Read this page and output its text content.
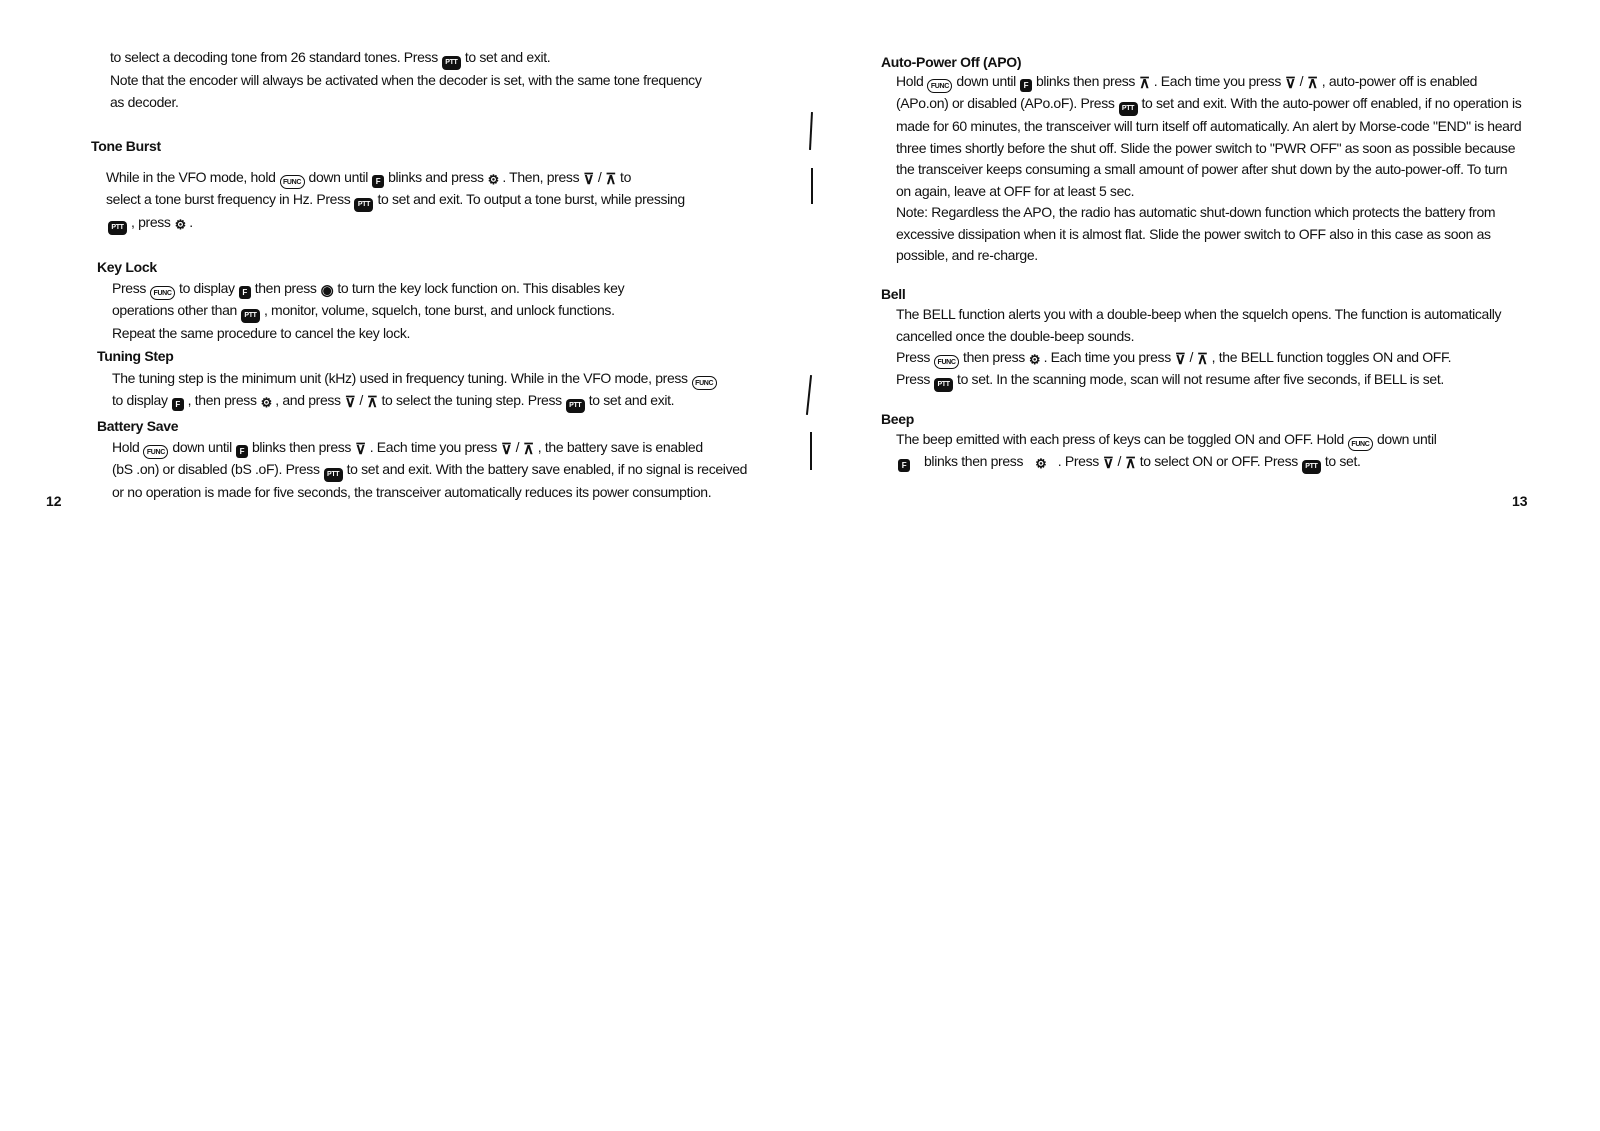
to select a decoding tone from 26 standard tones. Press PTT to set and exit.
Note that the encoder will always be activated when the decoder is set, with the same tone frequency
as decoder.
Tone Burst
While in the VFO mode, hold FUNC down until F blinks and press ⚙ . Then, press ⊽ / ⊼ to
select a tone burst frequency in Hz. Press PTT to set and exit. To output a tone burst, while pressing
PTT , press ⚙ .
Key Lock
Press FUNC to display F then press ◉ to turn the key lock function on. This disables key
operations other than PTT , monitor, volume, squelch, tone burst, and unlock functions.
Repeat the same procedure to cancel the key lock.
Tuning Step
The tuning step is the minimum unit (kHz) used in frequency tuning. While in the VFO mode, press FUNC
to display F , then press ⚙ , and press ⊽ / ⊼ to select the tuning step. Press PTT to set and exit.
Battery Save
Hold FUNC down until F blinks then press ⊽ . Each time you press ⊽ / ⊼ , the battery save is enabled
(bS .on) or disabled (bS .oF). Press PTT to set and exit. With the battery save enabled, if no signal is received
or no operation is made for five seconds, the transceiver automatically reduces its power consumption.
12
Auto-Power Off (APO)
Hold FUNC down until F blinks then press ⊼ . Each time you press ⊽ / ⊼ , auto-power off is enabled
(APo.on) or disabled (APo.oF). Press PTT to set and exit. With the auto-power off enabled, if no operation is
made for 60 minutes, the transceiver will turn itself off automatically. An alert by Morse-code "END" is heard
three times shortly before the shut off. Slide the power switch to "PWR OFF" as soon as possible because
the transceiver keeps consuming a small amount of power after shut down by the auto-power-off. To turn
on again, leave at OFF for at least 5 sec.
Note: Regardless the APO, the radio has automatic shut-down function which protects the battery from
excessive dissipation when it is almost flat. Slide the power switch to OFF also in this case as soon as
possible, and re-charge.
Bell
The BELL function alerts you with a double-beep when the squelch opens. The function is automatically
cancelled once the double-beep sounds.
Press FUNC then press ⚙ . Each time you press ⊽ / ⊼ , the BELL function toggles ON and OFF.
Press PTT to set. In the scanning mode, scan will not resume after five seconds, if BELL is set.
Beep
The beep emitted with each press of keys can be toggled ON and OFF. Hold FUNC down until
F blinks then press ⚙ . Press ⊽ / ⊼ to select ON or OFF. Press PTT to set.
13
